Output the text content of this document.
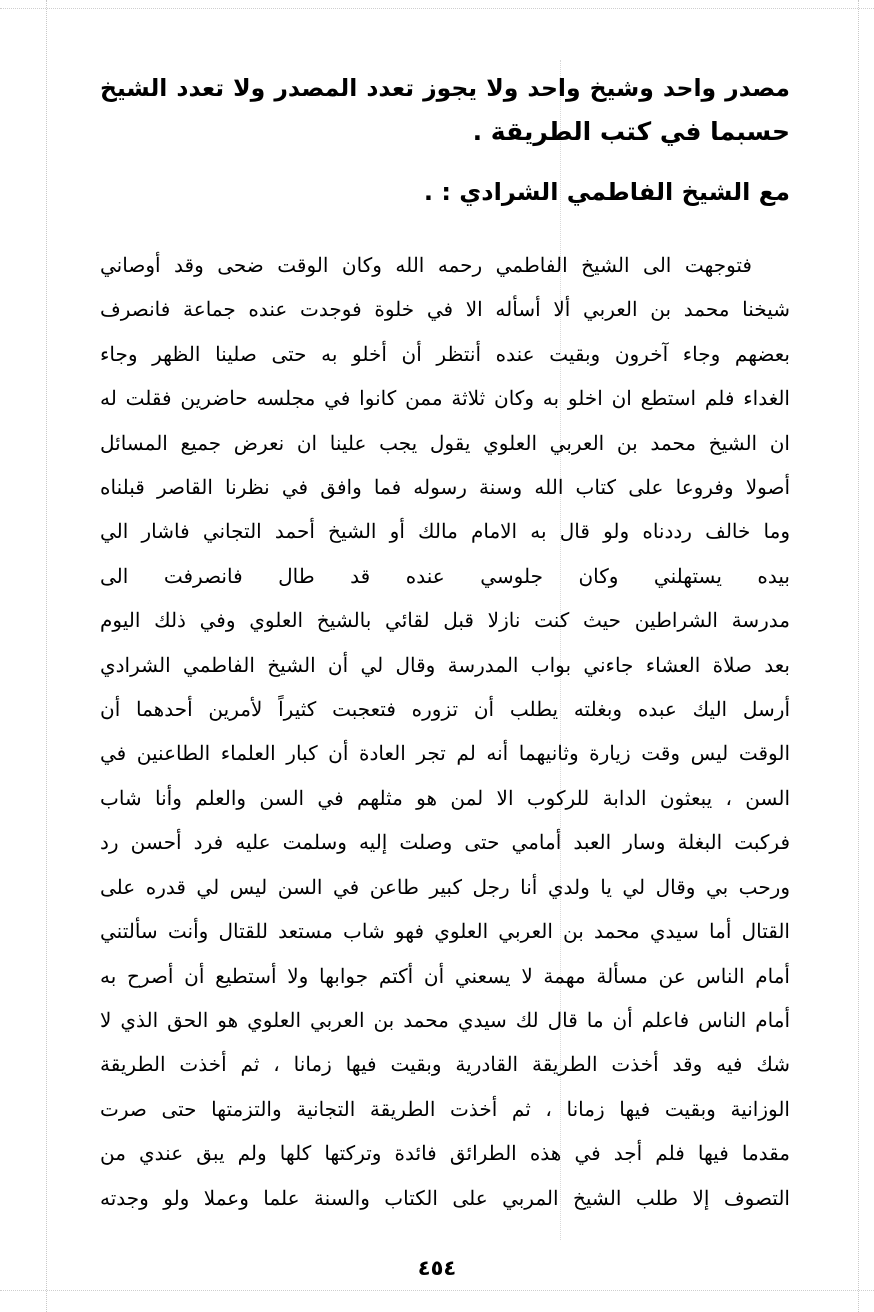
مصدر واحد وشيخ واحد ولا يجوز تعدد المصدر ولا تعدد الشيخ
حسبما في كتب الطريقة .
مع الشيخ الفاطمي الشرادي : .
فتوجهت الى الشيخ الفاطمي رحمه الله وكان الوقت ضحى وقد أوصاني
شيخنا محمد بن العربي ألا أسأله الا في خلوة فوجدت عنده جماعة فانصرف
بعضهم وجاء آخرون وبقيت عنده أنتظر أن أخلو به حتى صلينا الظهر وجاء
الغداء فلم استطع ان اخلو به وكان ثلاثة ممن كانوا في مجلسه حاضرين فقلت له
ان الشيخ محمد بن العربي العلوي يقول يجب علينا ان نعرض جميع المسائل
أصولا وفروعا على كتاب الله وسنة رسوله فما وافق في نظرنا القاصر قبلناه
وما خالف رددناه ولو قال به الامام مالك أو الشيخ أحمد التجاني فاشار الي
بيده يستهلني وكان جلوسي عنده قد طال فانصرفت الى
مدرسة الشراطين حيث كنت نازلا قبل لقائي بالشيخ العلوي وفي ذلك اليوم
بعد صلاة العشاء جاءني بواب المدرسة وقال لي أن الشيخ الفاطمي الشرادي
أرسل اليك عبده وبغلته يطلب أن تزوره فتعجبت كثيراً لأمرين أحدهما أن
الوقت ليس وقت زيارة وثانيهما أنه لم تجر العادة أن كبار العلماء الطاعنين في
السن ، يبعثون الدابة للركوب الا لمن هو مثلهم في السن والعلم وأنا شاب
فركبت البغلة وسار العبد أمامي حتى وصلت إليه وسلمت عليه فرد أحسن رد
ورحب بي وقال لي يا ولدي أنا رجل كبير طاعن في السن ليس لي قدره على
القتال أما سيدي محمد بن العربي العلوي فهو شاب مستعد للقتال وأنت سألتني
أمام الناس عن مسألة مهمة لا يسعني أن أكتم جوابها ولا أستطيع أن أصرح به
أمام الناس فاعلم أن ما قال لك سيدي محمد بن العربي العلوي هو الحق الذي لا
شك فيه وقد أخذت الطريقة القادرية وبقيت فيها زمانا ، ثم أخذت الطريقة
الوزانية وبقيت فيها زمانا ، ثم أخذت الطريقة التجانية والتزمتها حتى صرت
مقدما فيها فلم أجد في هذه الطرائق فائدة وتركتها كلها ولم يبق عندي من
التصوف إلا طلب الشيخ المربي على الكتاب والسنة علما وعملا ولو وجدته
٤٥٤
